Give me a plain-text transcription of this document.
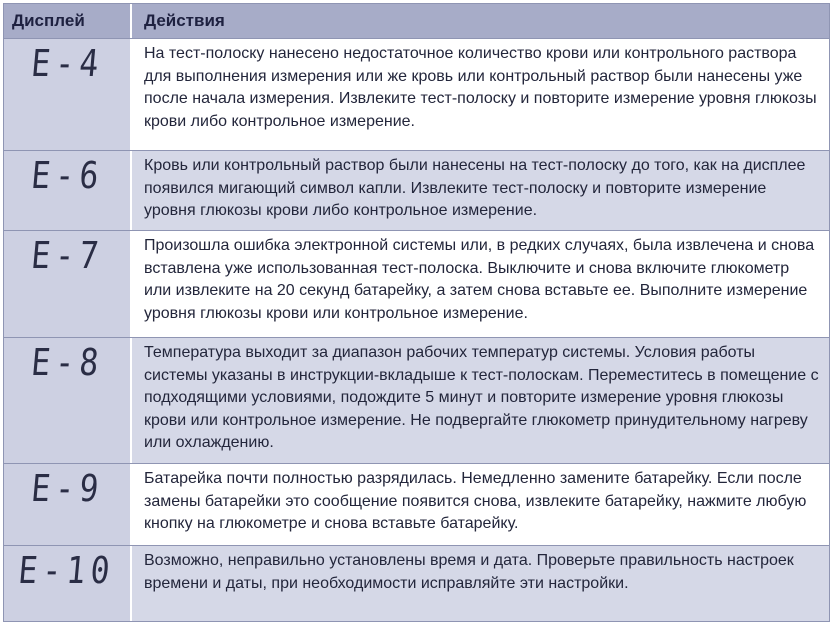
Дисплей	Действия
E-4	На тест-полоску нанесено недостаточное количество крови или контрольного раствора для выполнения измерения или же кровь или контрольный раствор были нанесены уже после начала измерения. Извлеките тест-полоску и повторите измерение уровня глюкозы крови либо контрольное измерение.
E-6	Кровь или контрольный раствор были нанесены на тест-полоску до того, как на дисплее появился мигающий символ капли. Извлеките тест-полоску и повторите измерение уровня глюкозы крови либо контрольное измерение.
E-7	Произошла ошибка электронной системы или, в редких случаях, была извлечена и снова вставлена уже использованная тест-полоска. Выключите и снова включите глюкометр или извлеките на 20 секунд батарейку, а затем снова вставьте ее. Выполните измерение уровня глюкозы крови или контрольное измерение.
E-8	Температура выходит за диапазон рабочих температур системы. Условия работы системы указаны в инструкции-вкладыше к тест-полоскам. Переместитесь в помещение с подходящими условиями, подождите 5 минут и повторите измерение уровня глюкозы крови или контрольное измерение. Не подвергайте глюкометр принудительному нагреву или охлаждению.
E-9	Батарейка почти полностью разрядилась. Немедленно замените батарейку. Если после замены батарейки это сообщение появится снова, извлеките батарейку, нажмите любую кнопку на глюкометре и снова вставьте батарейку.
E-10	Возможно, неправильно установлены время и дата. Проверьте правильность настроек времени и даты, при необходимости исправляйте эти настройки.
